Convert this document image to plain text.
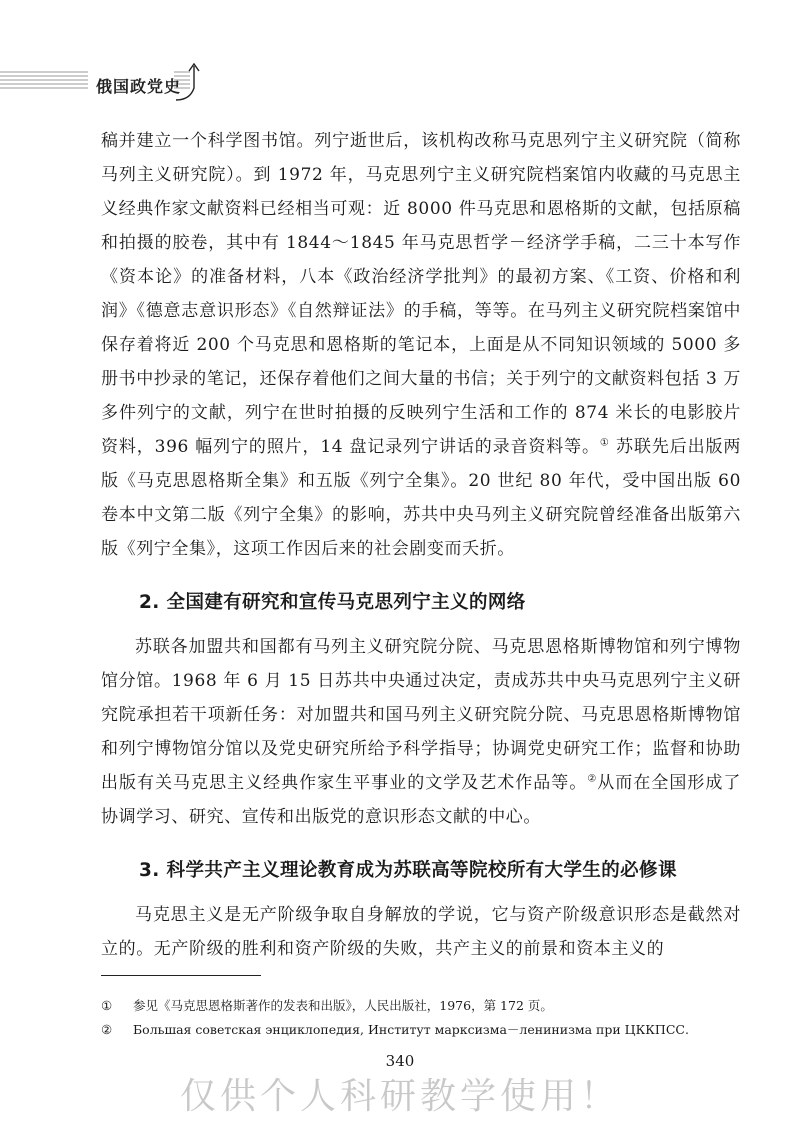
俄国政党史

稿并建立一个科学图书馆。列宁逝世后，该机构改称马克思列宁主义研究院（简称马列主义研究院）。到 1972 年，马克思列宁主义研究院档案馆内收藏的马克思主义经典作家文献资料已经相当可观：近 8000 件马克思和恩格斯的文献，包括原稿和拍摄的胶卷，其中有 1844～1845 年马克思哲学－经济学手稿，二三十本写作《资本论》的准备材料，八本《政治经济学批判》的最初方案、《工资、价格和利润》《德意志意识形态》《自然辩证法》的手稿，等等。在马列主义研究院档案馆中保存着将近 200 个马克思和恩格斯的笔记本，上面是从不同知识领域的 5000 多册书中抄录的笔记，还保存着他们之间大量的书信；关于列宁的文献资料包括 3 万多件列宁的文献，列宁在世时拍摄的反映列宁生活和工作的 874 米长的电影胶片资料，396 幅列宁的照片，14 盘记录列宁讲话的录音资料等。① 苏联先后出版两版《马克思恩格斯全集》和五版《列宁全集》。20 世纪 80 年代，受中国出版 60 卷本中文第二版《列宁全集》的影响，苏共中央马列主义研究院曾经准备出版第六版《列宁全集》，这项工作因后来的社会剧变而夭折。

2. 全国建有研究和宣传马克思列宁主义的网络

苏联各加盟共和国都有马列主义研究院分院、马克思恩格斯博物馆和列宁博物馆分馆。1968 年 6 月 15 日苏共中央通过决定，责成苏共中央马克思列宁主义研究院承担若干项新任务：对加盟共和国马列主义研究院分院、马克思恩格斯博物馆和列宁博物馆分馆以及党史研究所给予科学指导；协调党史研究工作；监督和协助出版有关马克思主义经典作家生平事业的文学及艺术作品等。②从而在全国形成了协调学习、研究、宣传和出版党的意识形态文献的中心。

3. 科学共产主义理论教育成为苏联高等院校所有大学生的必修课

马克思主义是无产阶级争取自身解放的学说，它与资产阶级意识形态是截然对立的。无产阶级的胜利和资产阶级的失败，共产主义的前景和资本主义的

①	参见《马克思恩格斯著作的发表和出版》，人民出版社，1976，第 172 页。
②	Большая советская энциклопедия, Институт марксизма－ленинизма при ЦККПСС.
340
仅供个人科研教学使用！
